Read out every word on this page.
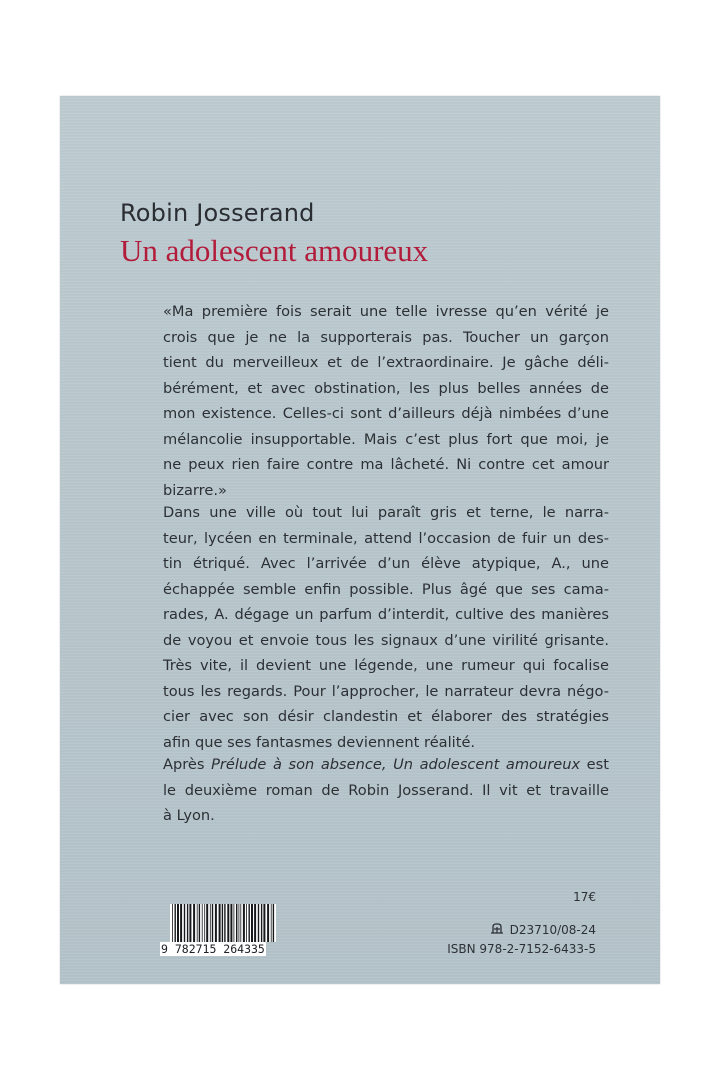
Robin Josserand
Un adolescent amoureux
«Ma première fois serait une telle ivresse qu’en vérité je
crois que je ne la supporterais pas. Toucher un garçon
tient du merveilleux et de l’extraordinaire. Je gâche déli-
bérément, et avec obstination, les plus belles années de
mon existence. Celles-ci sont d’ailleurs déjà nimbées d’une
mélancolie insupportable. Mais c’est plus fort que moi, je
ne peux rien faire contre ma lâcheté. Ni contre cet amour
bizarre.»
Dans une ville où tout lui paraît gris et terne, le narra-
teur, lycéen en terminale, attend l’occasion de fuir un des-
tin étriqué. Avec l’arrivée d’un élève atypique, A., une
échappée semble enfin possible. Plus âgé que ses cama-
rades, A. dégage un parfum d’interdit, cultive des manières
de voyou et envoie tous les signaux d’une virilité grisante.
Très vite, il devient une légende, une rumeur qui focalise
tous les regards. Pour l’approcher, le narrateur devra négo-
cier avec son désir clandestin et élaborer des stratégies
afin que ses fantasmes deviennent réalité.
Après Prélude à son absence, Un adolescent amoureux est
le deuxième roman de Robin Josserand. Il vit et travaille
à Lyon.
9 782715 264335
17€
D23710/08-24
ISBN 978-2-7152-6433-5
